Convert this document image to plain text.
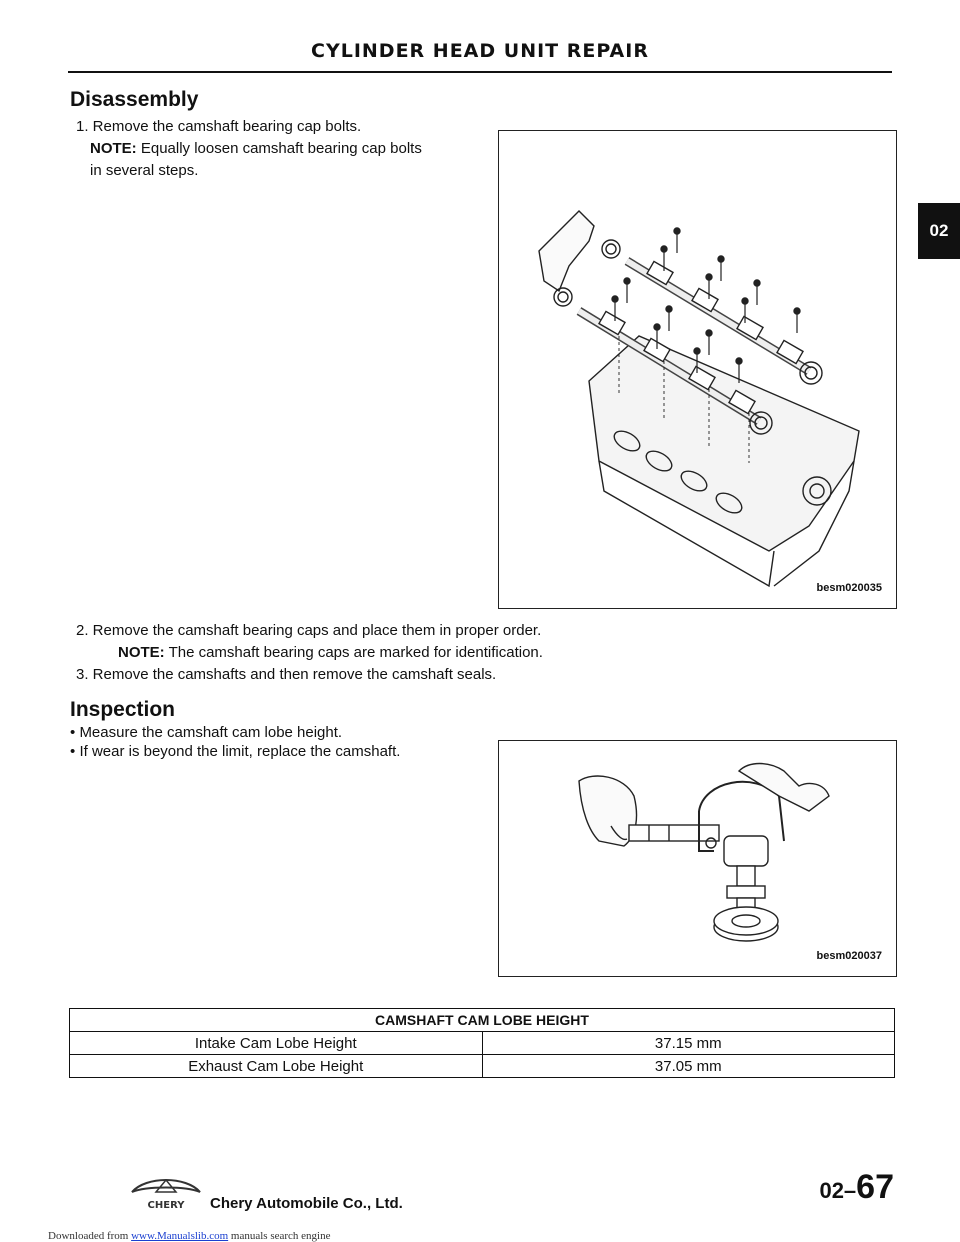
CYLINDER HEAD UNIT REPAIR
02
Disassembly

1. Remove the camshaft bearing cap bolts.

NOTE: Equally loosen camshaft bearing cap bolts

in several steps.

besm020035

2. Remove the camshaft bearing caps and place them in proper order.

NOTE: The camshaft bearing caps are marked for identification.

3. Remove the camshafts and then remove the camshaft seals.

Inspection

• Measure the camshaft cam lobe height.

• If wear is beyond the limit, replace the camshaft.

besm020037
CAMSHAFT CAM LOBE HEIGHT	
Intake Cam Lobe Height	37.15 mm
Exhaust Cam Lobe Height	37.05 mm
CHERY Chery Automobile Co., Ltd.
02–67
Downloaded from www.Manualslib.com manuals search engine
